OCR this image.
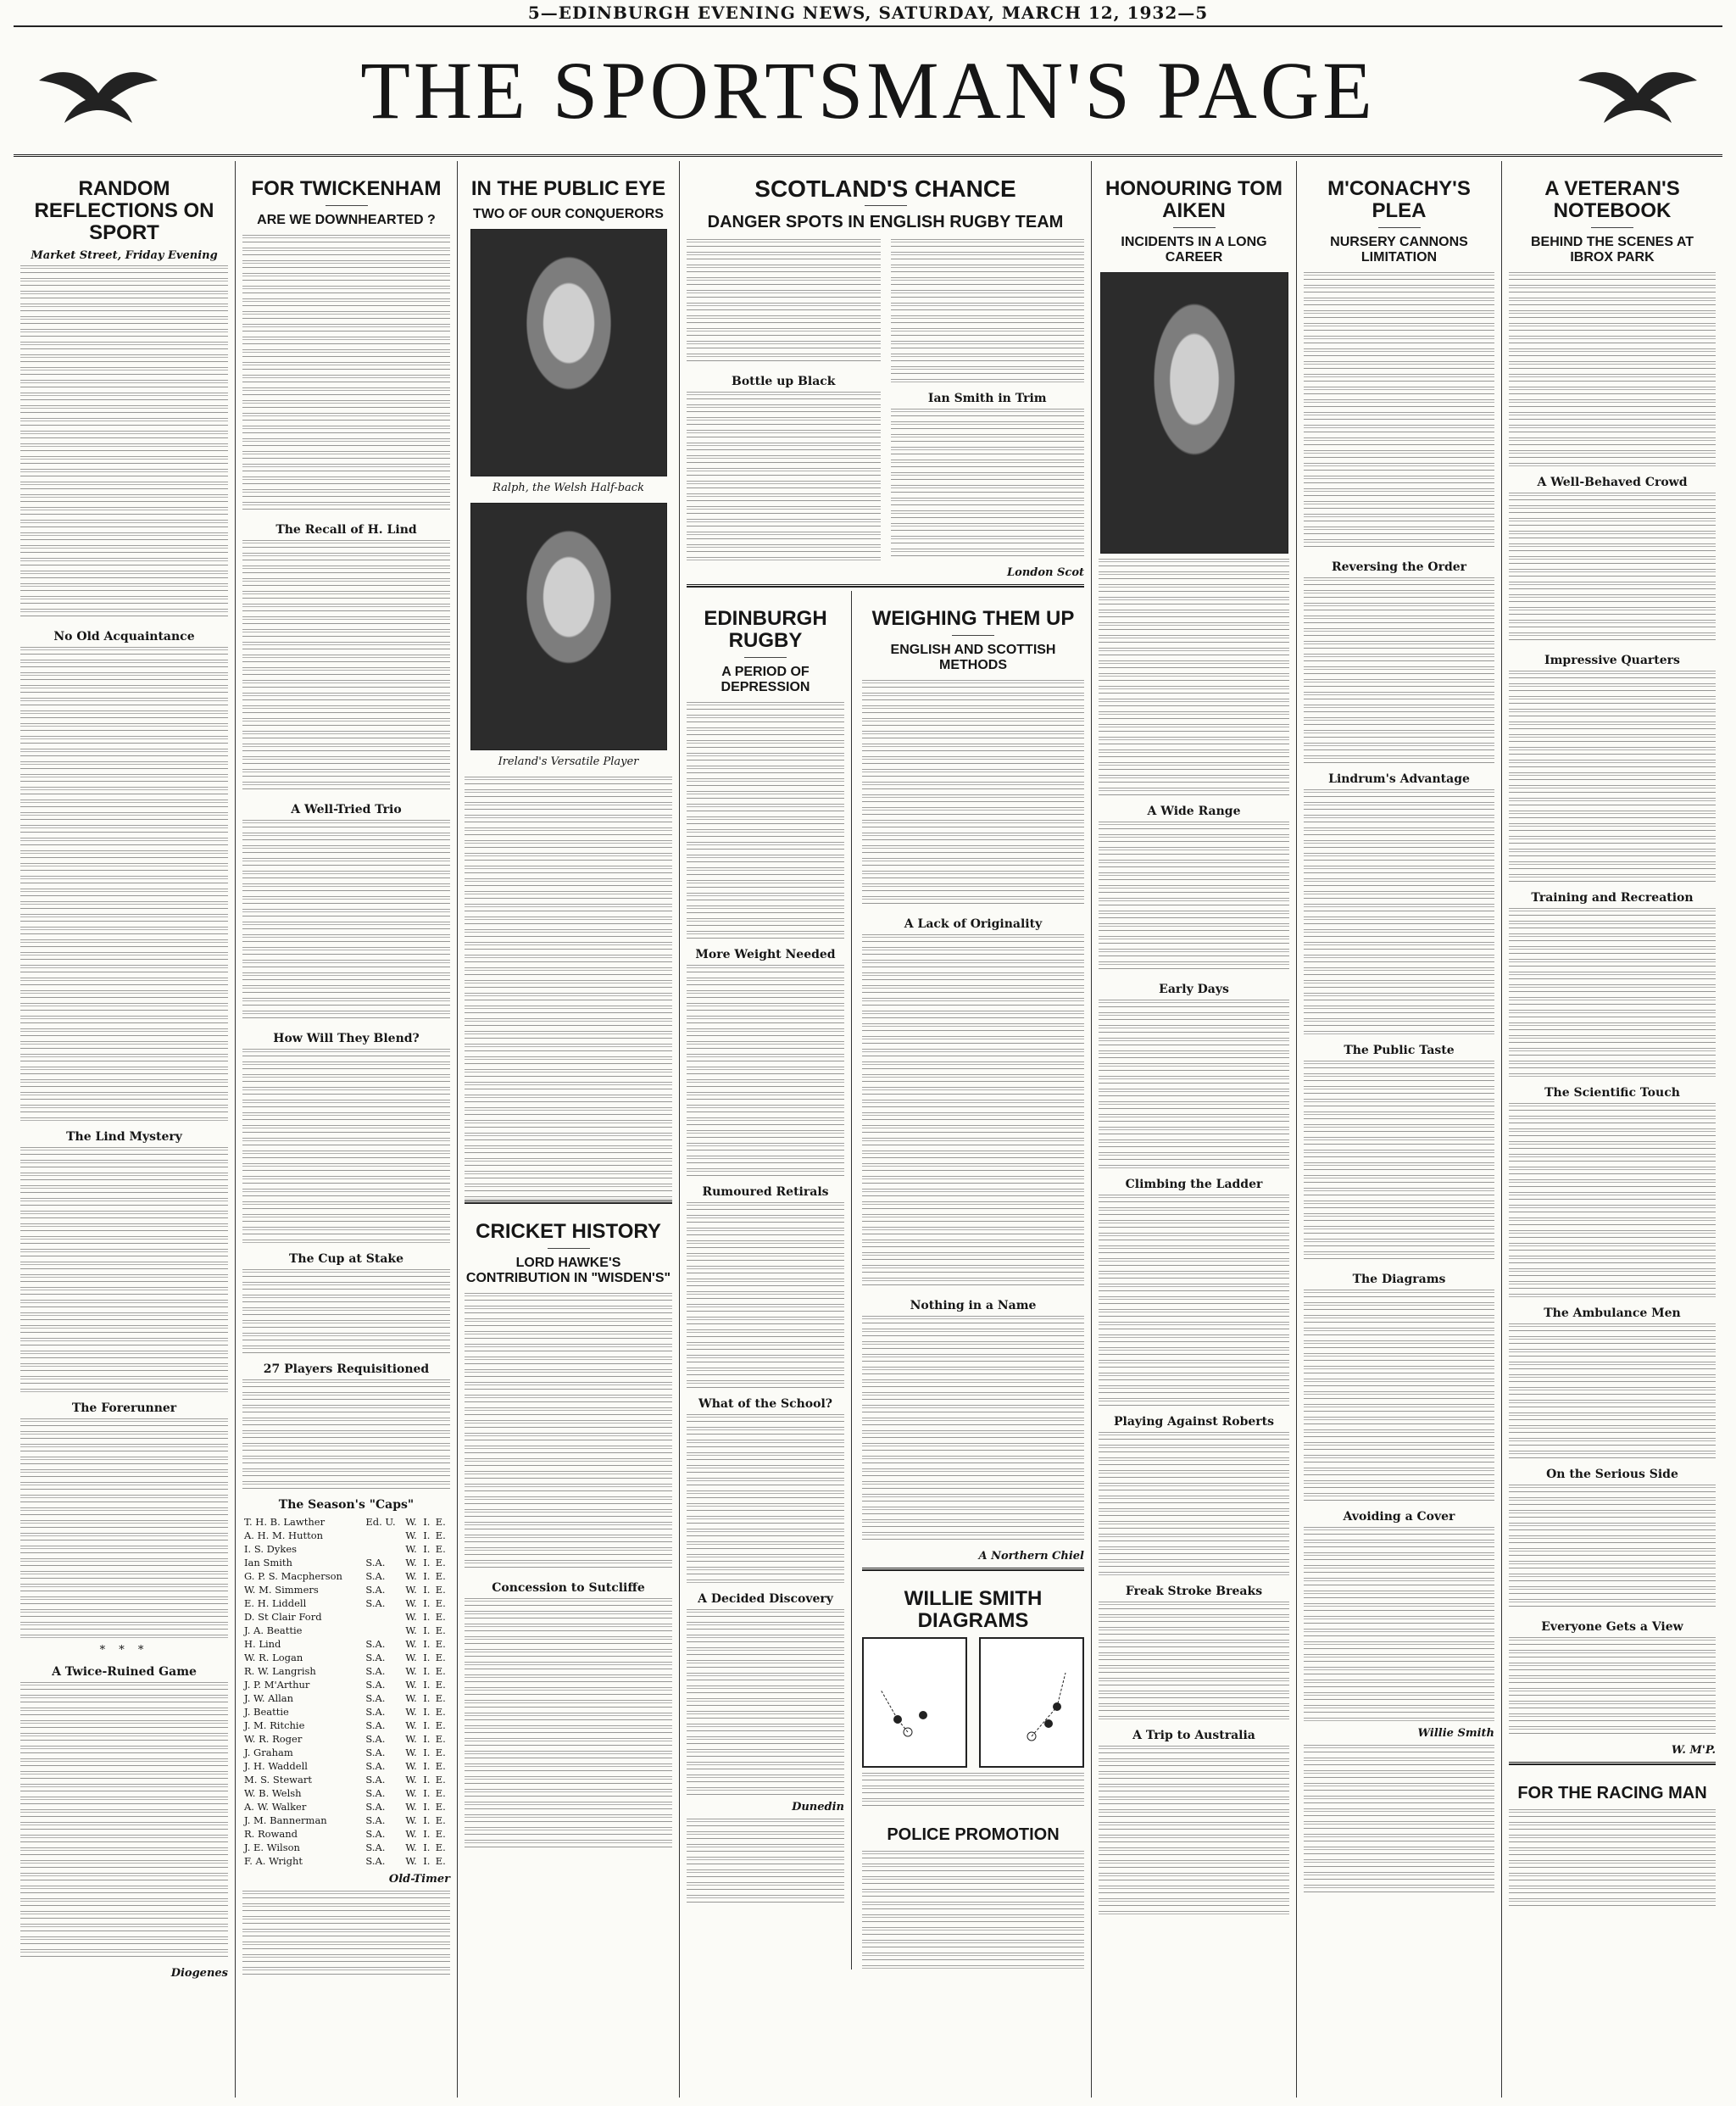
5—EDINBURGH EVENING NEWS, SATURDAY, MARCH 12, 1932—5
THE SPORTSMAN'S PAGE
RANDOM REFLECTIONS ON SPORT
Market Street, Friday Evening
No Old Acquaintance
The Lind Mystery
The Forerunner
* * *
A Twice-Ruined Game
Diogenes
FOR TWICKENHAM
ARE WE DOWNHEARTED ?
The Recall of H. Lind
A Well-Tried Trio
How Will They Blend?
The Cup at Stake
27 Players Requisitioned
The Season's "Caps"
T. H. B. Lawther	Ed. U.	W.	I.	E.
A. H. M. Hutton		W.	I.	E.
I. S. Dykes		W.	I.	E.
Ian Smith	S.A.	W.	I.	E.
G. P. S. Macpherson	S.A.	W.	I.	E.
W. M. Simmers	S.A.	W.	I.	E.
E. H. Liddell	S.A.	W.	I.	E.
D. St Clair Ford		W.	I.	E.
J. A. Beattie		W.	I.	E.
H. Lind	S.A.	W.	I.	E.
W. R. Logan	S.A.	W.	I.	E.
R. W. Langrish	S.A.	W.	I.	E.
J. P. M'Arthur	S.A.	W.	I.	E.
J. W. Allan	S.A.	W.	I.	E.
J. Beattie	S.A.	W.	I.	E.
J. M. Ritchie	S.A.	W.	I.	E.
W. R. Roger	S.A.	W.	I.	E.
J. Graham	S.A.	W.	I.	E.
J. H. Waddell	S.A.	W.	I.	E.
M. S. Stewart	S.A.	W.	I.	E.
W. B. Welsh	S.A.	W.	I.	E.
A. W. Walker	S.A.	W.	I.	E.
J. M. Bannerman	S.A.	W.	I.	E.
R. Rowand	S.A.	W.	I.	E.
J. E. Wilson	S.A.	W.	I.	E.
F. A. Wright	S.A.	W.	I.	E.
Old-Timer
IN THE PUBLIC EYE
TWO OF OUR CONQUERORS
Ralph, the Welsh Half-back
Ireland's Versatile Player
CRICKET HISTORY
LORD HAWKE'S CONTRIBUTION IN "WISDEN'S"
Concession to Sutcliffe
SCOTLAND'S CHANCE
DANGER SPOTS IN ENGLISH RUGBY TEAM
Bottle up Black
Ian Smith in Trim
London Scot
EDINBURGH RUGBY
A PERIOD OF DEPRESSION
More Weight Needed
Rumoured Retirals
What of the School?
A Decided Discovery
Dunedin
WEIGHING THEM UP
ENGLISH AND SCOTTISH METHODS
A Lack of Originality
Nothing in a Name
A Northern Chiel
WILLIE SMITH DIAGRAMS
POLICE PROMOTION
HONOURING TOM AIKEN
INCIDENTS IN A LONG CAREER
A Wide Range
Early Days
Climbing the Ladder
Playing Against Roberts
Freak Stroke Breaks
A Trip to Australia
M'CONACHY'S PLEA
NURSERY CANNONS LIMITATION
Reversing the Order
Lindrum's Advantage
The Public Taste
The Diagrams
Avoiding a Cover
Willie Smith
A VETERAN'S NOTEBOOK
BEHIND THE SCENES AT IBROX PARK
A Well-Behaved Crowd
Impressive Quarters
Training and Recreation
The Scientific Touch
The Ambulance Men
On the Serious Side
Everyone Gets a View
W. M'P.
FOR THE RACING MAN
